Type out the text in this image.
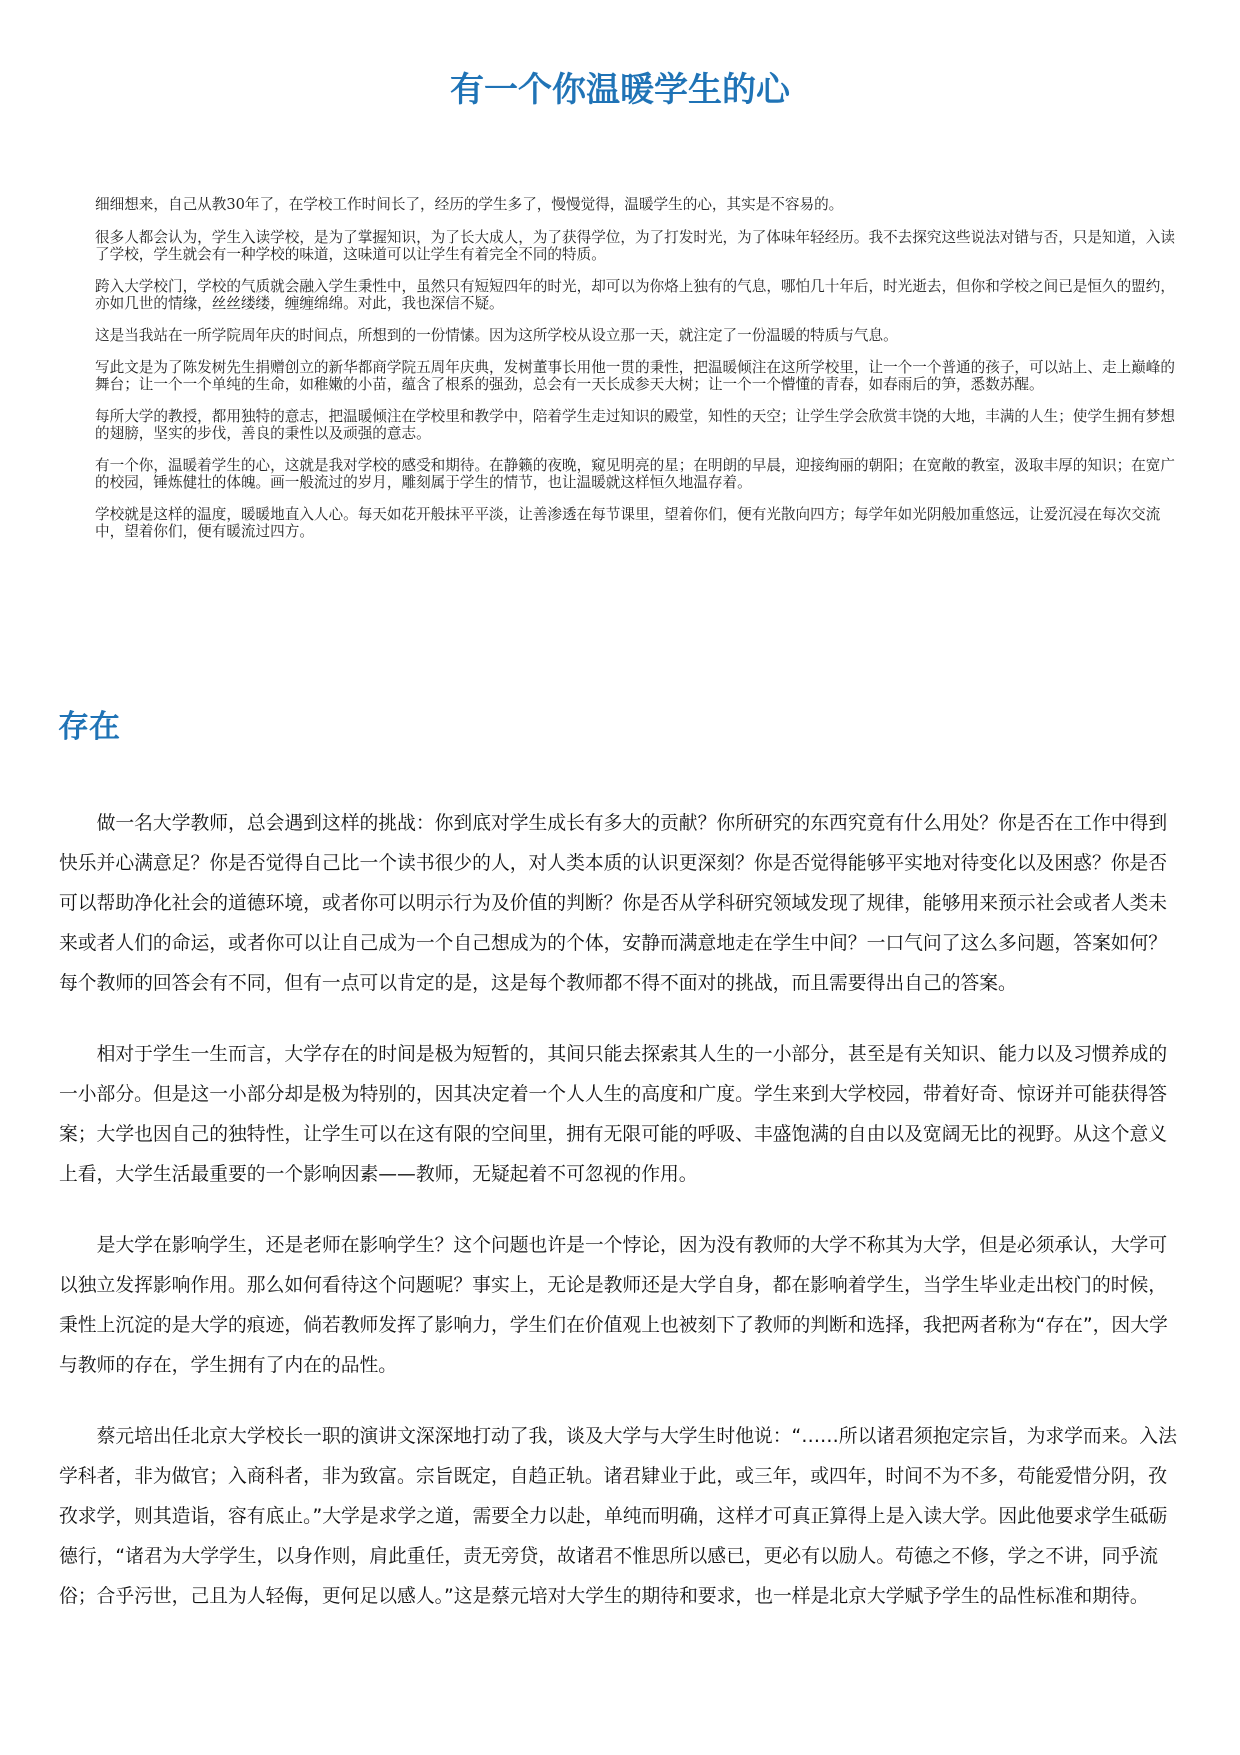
有一个你温暖学生的心

细细想来，自己从教30年了，在学校工作时间长了，经历的学生多了，慢慢觉得，温暖学生的心，其实是不容易的。

很多人都会认为，学生入读学校，是为了掌握知识，为了长大成人，为了获得学位，为了打发时光，为了体味年轻经历。我不去探究这些说法对错与否，只是知道，入读了学校，学生就会有一种学校的味道，这味道可以让学生有着完全不同的特质。

跨入大学校门，学校的气质就会融入学生秉性中，虽然只有短短四年的时光，却可以为你烙上独有的气息，哪怕几十年后，时光逝去，但你和学校之间已是恒久的盟约，亦如几世的情缘，丝丝缕缕，缠缠绵绵。对此，我也深信不疑。

这是当我站在一所学院周年庆的时间点，所想到的一份情愫。因为这所学校从设立那一天，就注定了一份温暖的特质与气息。

写此文是为了陈发树先生捐赠创立的新华都商学院五周年庆典，发树董事长用他一贯的秉性，把温暖倾注在这所学校里，让一个一个普通的孩子，可以站上、走上巅峰的舞台；让一个一个单纯的生命，如稚嫩的小苗，蕴含了根系的强劲，总会有一天长成参天大树；让一个一个懵懂的青春，如春雨后的笋，悉数苏醒。

每所大学的教授，都用独特的意志，把温暖倾注在学校里和教学中，陪着学生走过知识的殿堂，知性的天空；让学生学会欣赏丰饶的大地，丰满的人生；使学生拥有梦想的翅膀，坚实的步伐，善良的秉性以及顽强的意志。

有一个你，温暖着学生的心，这就是我对学校的感受和期待。在静籁的夜晚，窥见明亮的星；在明朗的早晨，迎接绚丽的朝阳；在宽敞的教室，汲取丰厚的知识；在宽广的校园，锤炼健壮的体魄。画一般流过的岁月，雕刻属于学生的情节，也让温暖就这样恒久地温存着。

学校就是这样的温度，暖暖地直入人心。每天如花开般抹平平淡，让善渗透在每节课里，望着你们，便有光散向四方；每学年如光阴般加重悠远，让爱沉浸在每次交流中，望着你们，便有暖流过四方。

存在

做一名大学教师，总会遇到这样的挑战：你到底对学生成长有多大的贡献？你所研究的东西究竟有什么用处？你是否在工作中得到快乐并心满意足？你是否觉得自己比一个读书很少的人，对人类本质的认识更深刻？你是否觉得能够平实地对待变化以及困惑？你是否可以帮助净化社会的道德环境，或者你可以明示行为及价值的判断？你是否从学科研究领域发现了规律，能够用来预示社会或者人类未来或者人们的命运，或者你可以让自己成为一个自己想成为的个体，安静而满意地走在学生中间？一口气问了这么多问题，答案如何？每个教师的回答会有不同，但有一点可以肯定的是，这是每个教师都不得不面对的挑战，而且需要得出自己的答案。

相对于学生一生而言，大学存在的时间是极为短暂的，其间只能去探索其人生的一小部分，甚至是有关知识、能力以及习惯养成的一小部分。但是这一小部分却是极为特别的，因其决定着一个人人生的高度和广度。学生来到大学校园，带着好奇、惊讶并可能获得答案；大学也因自己的独特性，让学生可以在这有限的空间里，拥有无限可能的呼吸、丰盛饱满的自由以及宽阔无比的视野。从这个意义上看，大学生活最重要的一个影响因素——教师，无疑起着不可忽视的作用。

是大学在影响学生，还是老师在影响学生？这个问题也许是一个悖论，因为没有教师的大学不称其为大学，但是必须承认，大学可以独立发挥影响作用。那么如何看待这个问题呢？事实上，无论是教师还是大学自身，都在影响着学生，当学生毕业走出校门的时候，秉性上沉淀的是大学的痕迹，倘若教师发挥了影响力，学生们在价值观上也被刻下了教师的判断和选择，我把两者称为“存在”，因大学与教师的存在，学生拥有了内在的品性。

蔡元培出任北京大学校长一职的演讲文深深地打动了我，谈及大学与大学生时他说：“……所以诸君须抱定宗旨，为求学而来。入法学科者，非为做官；入商科者，非为致富。宗旨既定，自趋正轨。诸君肄业于此，或三年，或四年，时间不为不多，苟能爱惜分阴，孜孜求学，则其造诣，容有底止。”大学是求学之道，需要全力以赴，单纯而明确，这样才可真正算得上是入读大学。因此他要求学生砥砺德行，“诸君为大学学生，以身作则，肩此重任，责无旁贷，故诸君不惟思所以感已，更必有以励人。苟德之不修，学之不讲，同乎流俗；合乎污世，己且为人轻侮，更何足以感人。”这是蔡元培对大学生的期待和要求，也一样是北京大学赋予学生的品性标准和期待。
